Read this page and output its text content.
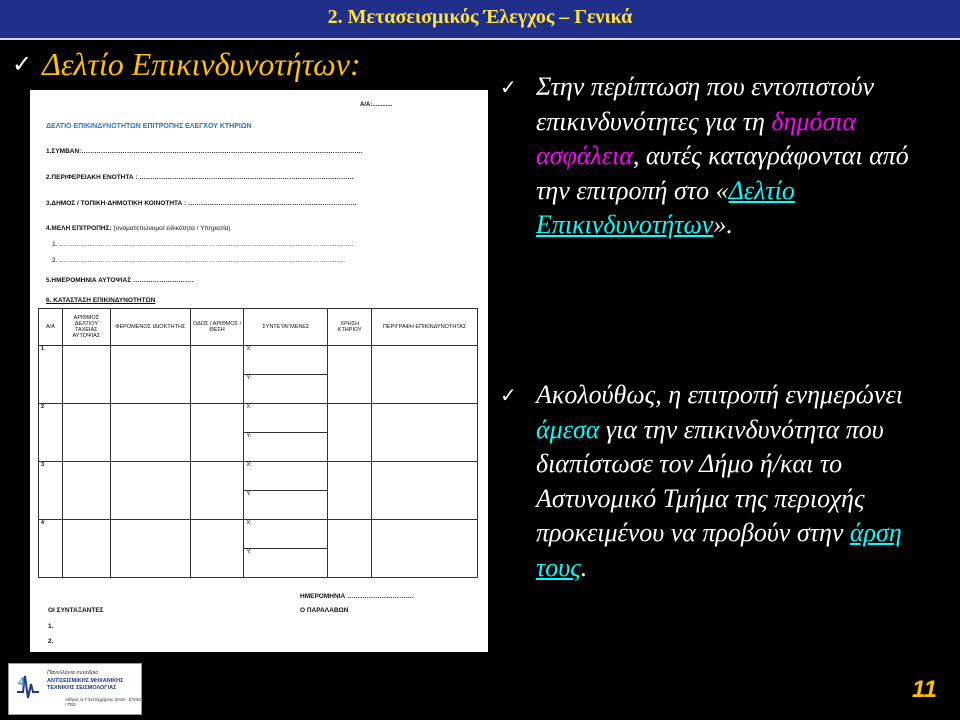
2. Μετασεισμικός Έλεγχος – Γενικά
✓ Δελτίο Επικινδυνοτήτων:
Α/Α:............
ΔΕΛΤΙΟ ΕΠΙΚΙΝΔΥΝΟΤΗΤΩΝ ΕΠΙΤΡΟΠΗΣ ΕΛΕΓΧΟΥ ΚΤΗΡΙΩΝ
1.ΣΥΜΒΑΝ:………………………………………………………………………………………………………………….
2.ΠΕΡΙΦΕΡΕΙΑΚΗ ΕΝΟΤΗΤΑ : ………………………………………………………………………………………
3.ΔΗΜΟΣ / ΤΟΠΙΚΗ-ΔΗΜΟΤΙΚΗ ΚΟΙΝΟΤΗΤΑ : ……………………………………………………………………
4.ΜΕΛΗ ΕΠΙΤΡΟΠΗΣ: (ονοματεπώνυμο/ ειδικότητα / Υπηρεσία)
1. ……………………………………………………………………………………………………………………….
2. ……………………………………………………………………………………………………………………
5.ΗΜΕΡΟΜΗΝΙΑ ΑΥΤΟΨΙΑΣ ……………………….
6. ΚΑΤΑΣΤΑΣΗ ΕΠΙΚΙΝΔΥΝΟΤΗΤΩΝ
Α/Α	ΑΡΙΘΜΟΣ ΔΕΛΤΙΟΥ ΤΑΧΕΙΑΣ ΑΥΤΟΨΙΑΣ	ΦΕΡΟΜΕΝΟΣ ΙΔΙΟΚΤΗΤΗΣ	ΟΔΟΣ / ΑΡΙΘΜΟΣ / ΘΕΣΗ	ΣΥΝΤΕΤΑΓΜΕΝΕΣ	ΧΡΗΣΗ ΚΤΗΡΙΟΥ	ΠΕΡΙΓΡΑΦΗ ΕΠΙΚΙΝΔΥΝΟΤΗΤΑΣ
1				Χ:		
				Υ:		
2				Χ:		
				Υ:		
3				Χ:		
				Υ:		
4				Χ:		
				Υ:		
ΗΜΕΡΟΜΗΝΙΑ ………………………….
ΟΙ ΣΥΝΤΑΞΑΝΤΕΣ	Ο ΠΑΡΑΛΑΒΩΝ
1.
2.
✓ Στην περίπτωση που εντοπιστούν επικινδυνότητες για τη δημόσια ασφάλεια, αυτές καταγράφονται από την επιτροπή στο «Δελτίο Επικινδυνοτήτων».
✓ Ακολούθως, η επιτροπή ενημερώνει άμεσα για την επικινδυνότητα που διαπίστωσε τον Δήμο ή/και το Αστυνομικό Τμήμα της περιοχής προκειμένου να προβούν στην άρση τους.
4
Πανελλήνιο συνέδριο
ΑΝΤΙΣΕΙΣΜΙΚΗΣ ΜΗΧΑΝΙΚΗΣ
ΤΕΧΝΙΚΗΣ ΣΕΙΣΜΟΛΟΓΙΑΣ
Αθήνα, 5-7 Σεπτεμβρίου 2019 · ΕΤΑΜ / ΤΕΕ
11
